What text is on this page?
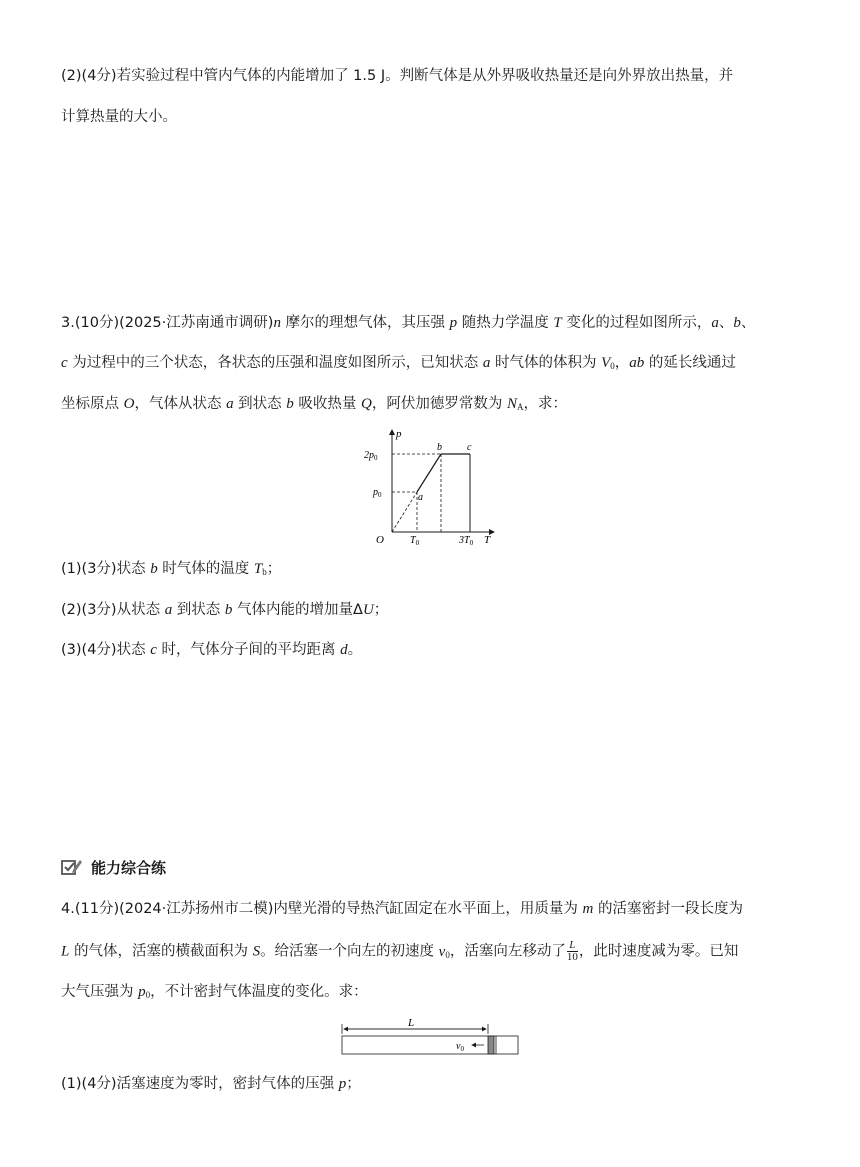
(2)(4分)若实验过程中管内气体的内能增加了 1.5 J。判断气体是从外界吸收热量还是向外界放出热量，并
计算热量的大小。
3.(10分)(2025·江苏南通市调研)n 摩尔的理想气体，其压强 p 随热力学温度 T 变化的过程如图所示，a、b、
c 为过程中的三个状态，各状态的压强和温度如图所示，已知状态 a 时气体的体积为 $V_0$，ab 的延长线通过
坐标原点 O，气体从状态 a 到状态 b 吸收热量 Q，阿伏加德罗常数为 $N_A$，求：
p
T
O
$2p_0$
$p_0$
$T_0$	$3T_0$
a
b	c
(1)(3分)状态 b 时气体的温度 $T_b$；
(2)(3分)从状态 a 到状态 b 气体内能的增加量ΔU；
(3)(4分)状态 c 时，气体分子间的平均距离 d。
能力综合练
4.(11分)(2024·江苏扬州市二模)内壁光滑的导热汽缸固定在水平面上，用质量为 m 的活塞密封一段长度为
L 的气体，活塞的横截面积为 S。给活塞一个向左的初速度 $v_0$，活塞向左移动了 $\frac{L}{10}$ ，此时速度减为零。已知
大气压强为 $p_0$，不计密封气体温度的变化。求：
L
$v_0$
(1)(4分)活塞速度为零时，密封气体的压强 p；
